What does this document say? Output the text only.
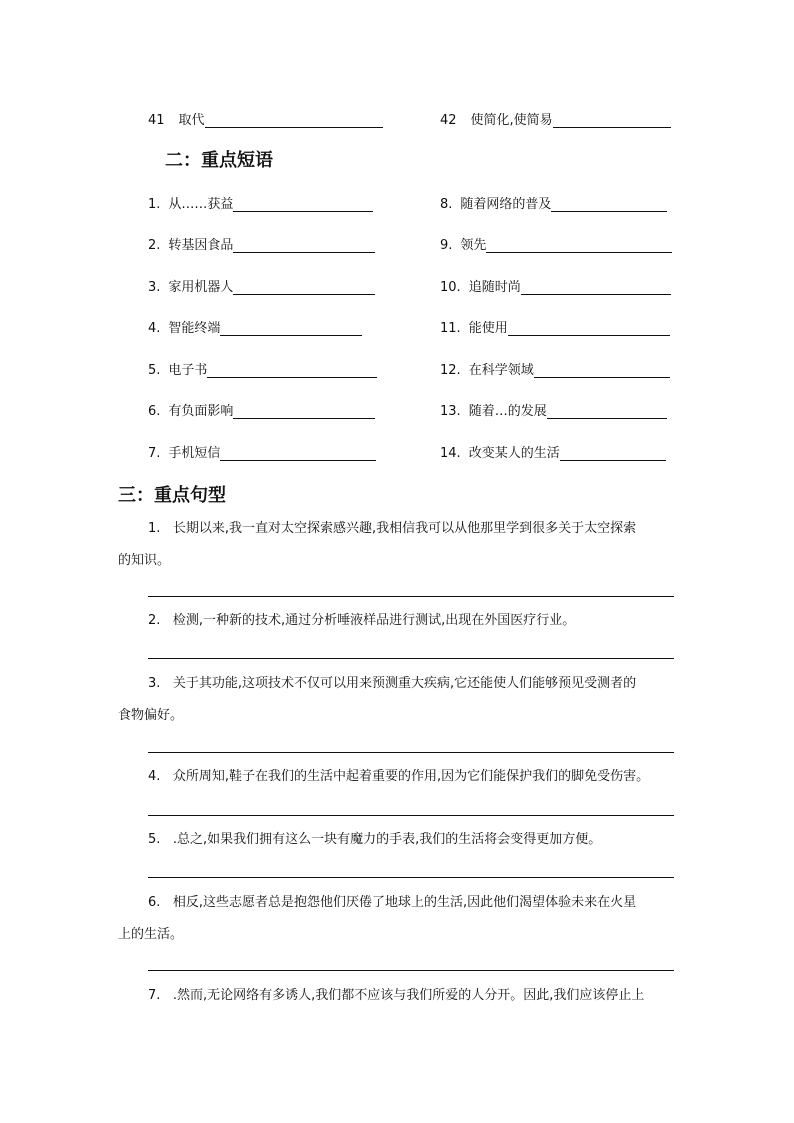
41 取代	42 使简化,使简易
二：重点短语
1. 从……获益
2. 转基因食品
3. 家用机器人
4. 智能终端
5. 电子书
6. 有负面影响
7. 手机短信
8. 随着网络的普及
9. 领先
10. 追随时尚
11. 能使用
12. 在科学领域
13. 随着…的发展
14. 改变某人的生活
三：重点句型
1. 长期以来,我一直对太空探索感兴趣,我相信我可以从他那里学到很多关于太空探索
的知识。
2. 检测,一种新的技术,通过分析唾液样品进行测试,出现在外国医疗行业。
3. 关于其功能,这项技术不仅可以用来预测重大疾病,它还能使人们能够预见受测者的
食物偏好。
4. 众所周知,鞋子在我们的生活中起着重要的作用,因为它们能保护我们的脚免受伤害。
5. .总之,如果我们拥有这么一块有魔力的手表,我们的生活将会变得更加方便。
6. 相反,这些志愿者总是抱怨他们厌倦了地球上的生活,因此他们渴望体验未来在火星
上的生活。
7. .然而,无论网络有多诱人,我们都不应该与我们所爱的人分开。因此,我们应该停止上
